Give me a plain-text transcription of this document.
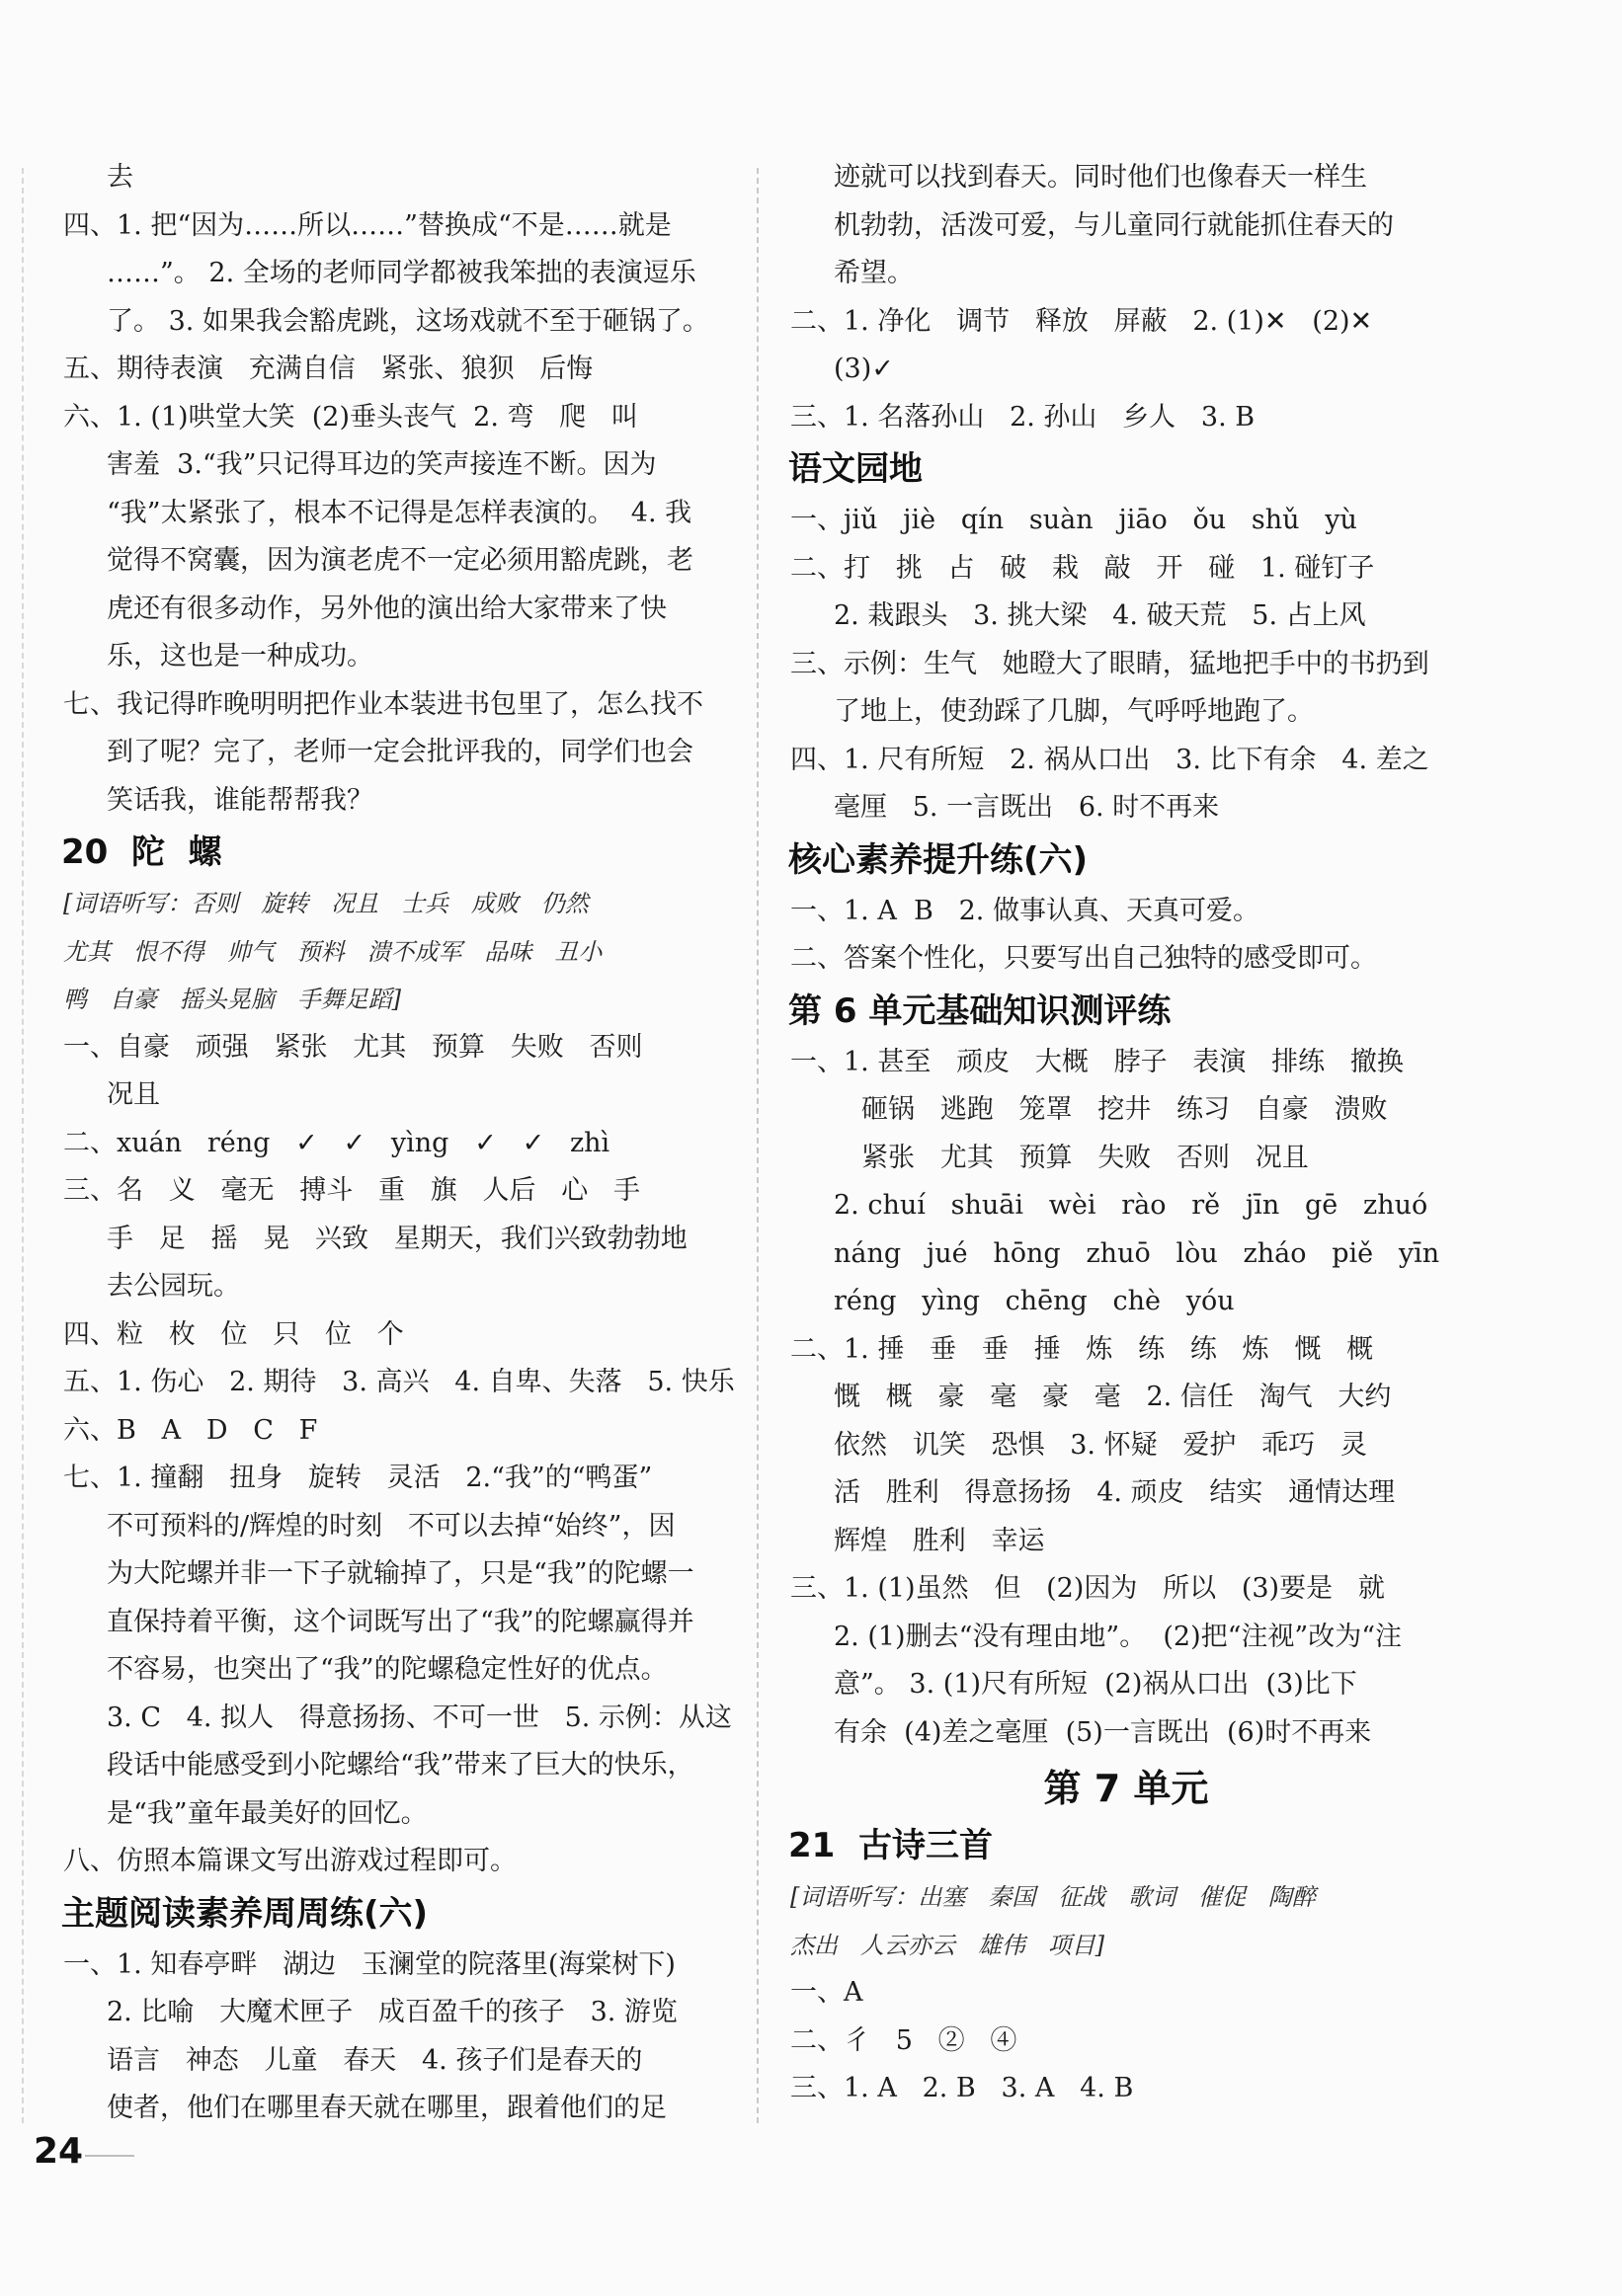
去
四、1. 把“因为……所以……”替换成“不是……就是
……”。 2. 全场的老师同学都被我笨拙的表演逗乐
了。 3. 如果我会豁虎跳，这场戏就不至于砸锅了。
五、期待表演   充满自信   紧张、狼狈   后悔
六、1. (1)哄堂大笑  (2)垂头丧气  2. 弯   爬   叫
害羞  3.“我”只记得耳边的笑声接连不断。因为
“我”太紧张了，根本不记得是怎样表演的。  4. 我
觉得不窝囊，因为演老虎不一定必须用豁虎跳，老
虎还有很多动作，另外他的演出给大家带来了快
乐，这也是一种成功。
七、我记得昨晚明明把作业本装进书包里了，怎么找不
到了呢？完了，老师一定会批评我的，同学们也会
笑话我，谁能帮帮我？
20  陀  螺
[词语听写：否则   旋转   况且   士兵   成败   仍然
尤其   恨不得   帅气   预料   溃不成军   品味   丑小
鸭   自豪   摇头晃脑   手舞足蹈]
一、自豪   顽强   紧张   尤其   预算   失败   否则
况且
二、xuán   réng   ✓   ✓   yìng   ✓   ✓   zhì
三、名   义   毫无   搏斗   重   旗   人后   心   手
手   足   摇   晃   兴致   星期天，我们兴致勃勃地
去公园玩。
四、粒   枚   位   只   位   个
五、1. 伤心   2. 期待   3. 高兴   4. 自卑、失落   5. 快乐
六、B   A   D   C   F
七、1. 撞翻   扭身   旋转   灵活   2.“我”的“鸭蛋”
不可预料的/辉煌的时刻   不可以去掉“始终”，因
为大陀螺并非一下子就输掉了，只是“我”的陀螺一
直保持着平衡，这个词既写出了“我”的陀螺赢得并
不容易，也突出了“我”的陀螺稳定性好的优点。
3. C   4. 拟人   得意扬扬、不可一世   5. 示例：从这
段话中能感受到小陀螺给“我”带来了巨大的快乐，
是“我”童年最美好的回忆。
八、仿照本篇课文写出游戏过程即可。
主题阅读素养周周练(六)
一、1. 知春亭畔   湖边   玉澜堂的院落里(海棠树下)
2. 比喻   大魔术匣子   成百盈千的孩子   3. 游览
语言   神态   儿童   春天   4. 孩子们是春天的
使者，他们在哪里春天就在哪里，跟着他们的足
迹就可以找到春天。同时他们也像春天一样生
机勃勃，活泼可爱，与儿童同行就能抓住春天的
希望。
二、1. 净化   调节   释放   屏蔽   2. (1)✕   (2)✕
(3)✓
三、1. 名落孙山   2. 孙山   乡人   3. B
语文园地
一、jiǔ   jiè   qín   suàn   jiāo   ǒu   shǔ   yù
二、打   挑   占   破   栽   敲   开   碰   1. 碰钉子
2. 栽跟头   3. 挑大梁   4. 破天荒   5. 占上风
三、示例：生气   她瞪大了眼睛，猛地把手中的书扔到
了地上，使劲踩了几脚，气呼呼地跑了。
四、1. 尺有所短   2. 祸从口出   3. 比下有余   4. 差之
毫厘   5. 一言既出   6. 时不再来
核心素养提升练(六)
一、1. A  B   2. 做事认真、天真可爱。
二、答案个性化，只要写出自己独特的感受即可。
第 6 单元基础知识测评练
一、1. 甚至   顽皮   大概   脖子   表演   排练   撤换
砸锅   逃跑   笼罩   挖井   练习   自豪   溃败
紧张   尤其   预算   失败   否则   况且
2. chuí   shuāi   wèi   rào   rě   jīn   gē   zhuó
náng   jué   hōng   zhuō   lòu   zháo   piě   yīn
réng   yìng   chēng   chè   yóu
二、1. 捶   垂   垂   捶   炼   练   练   炼   慨   概
慨   概   豪   毫   豪   毫   2. 信任   淘气   大约
依然   讥笑   恐惧   3. 怀疑   爱护   乖巧   灵
活   胜利   得意扬扬   4. 顽皮   结实   通情达理
辉煌   胜利   幸运
三、1. (1)虽然   但   (2)因为   所以   (3)要是   就
2. (1)删去“没有理由地”。  (2)把“注视”改为“注
意”。 3. (1)尺有所短  (2)祸从口出  (3)比下
有余  (4)差之毫厘  (5)一言既出  (6)时不再来
第 7 单元
21  古诗三首
[词语听写：出塞   秦国   征战   歌词   催促   陶醉
杰出   人云亦云   雄伟   项目]
一、A
二、彳   5   ②   ④
三、1. A   2. B   3. A   4. B
24
